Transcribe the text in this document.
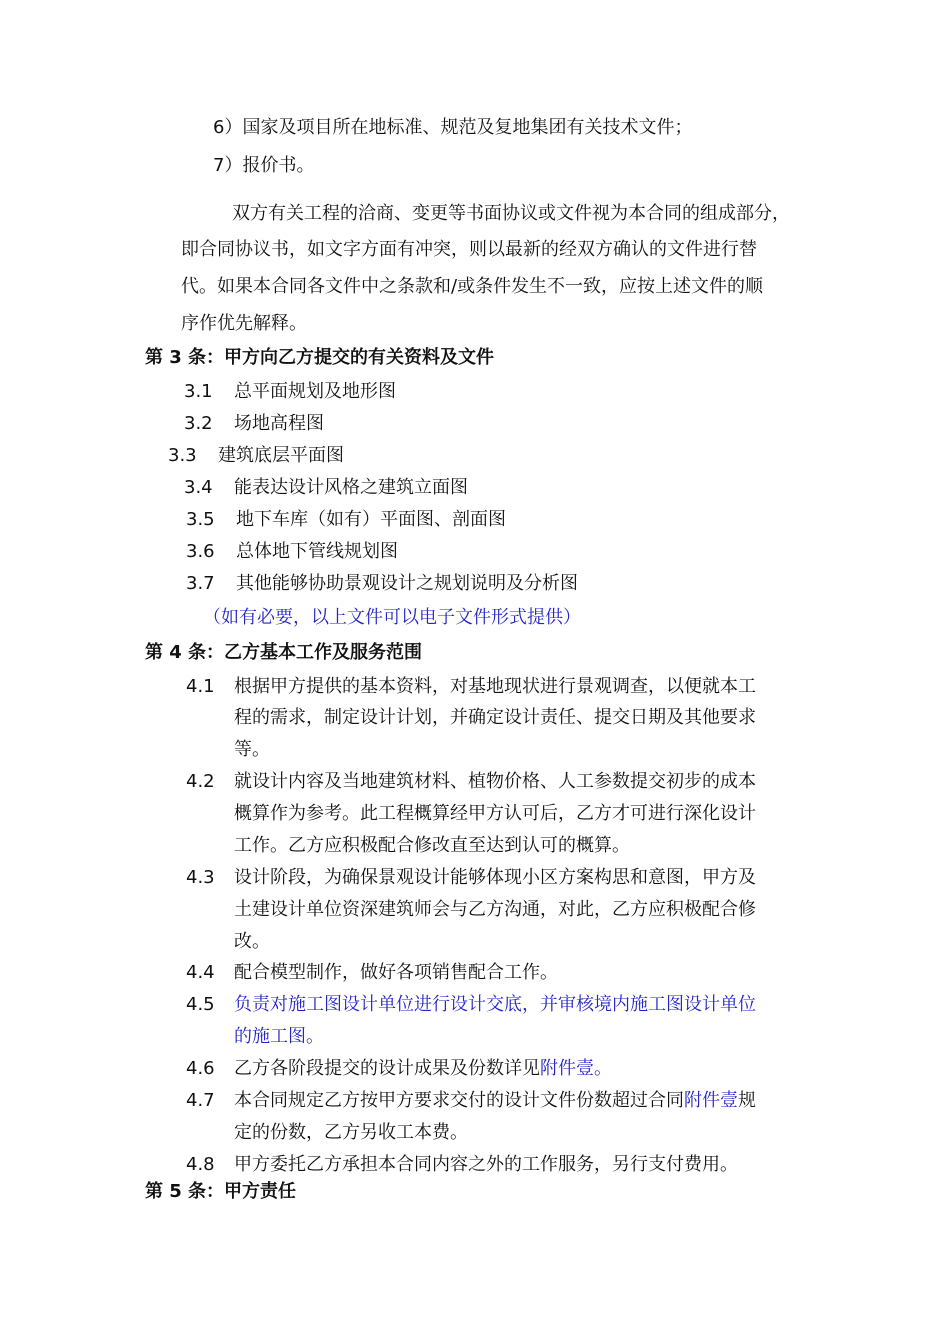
6）国家及项目所在地标准、规范及复地集团有关技术文件；
7）报价书。
双方有关工程的洽商、变更等书面协议或文件视为本合同的组成部分，
即合同协议书，如文字方面有冲突，则以最新的经双方确认的文件进行替
代。如果本合同各文件中之条款和/或条件发生不一致，应按上述文件的顺
序作优先解释。
第 3 条：甲方向乙方提交的有关资料及文件
3.1 总平面规划及地形图
3.2 场地高程图
3.3 建筑底层平面图
3.4 能表达设计风格之建筑立面图
3.5 地下车库（如有）平面图、剖面图
3.6 总体地下管线规划图
3.7 其他能够协助景观设计之规划说明及分析图
（如有必要，以上文件可以电子文件形式提供）
第 4 条：乙方基本工作及服务范围
4.1 根据甲方提供的基本资料，对基地现状进行景观调查，以便就本工
程的需求，制定设计计划，并确定设计责任、提交日期及其他要求
等。
4.2 就设计内容及当地建筑材料、植物价格、人工参数提交初步的成本
概算作为参考。此工程概算经甲方认可后，乙方才可进行深化设计
工作。乙方应积极配合修改直至达到认可的概算。
4.3 设计阶段，为确保景观设计能够体现小区方案构思和意图，甲方及
土建设计单位资深建筑师会与乙方沟通，对此，乙方应积极配合修
改。
4.4 配合模型制作，做好各项销售配合工作。
4.5 负责对施工图设计单位进行设计交底，并审核境内施工图设计单位
的施工图。
4.6 乙方各阶段提交的设计成果及份数详见附件壹。
4.7 本合同规定乙方按甲方要求交付的设计文件份数超过合同附件壹规
定的份数，乙方另收工本费。
4.8 甲方委托乙方承担本合同内容之外的工作服务，另行支付费用。
第 5 条：甲方责任
